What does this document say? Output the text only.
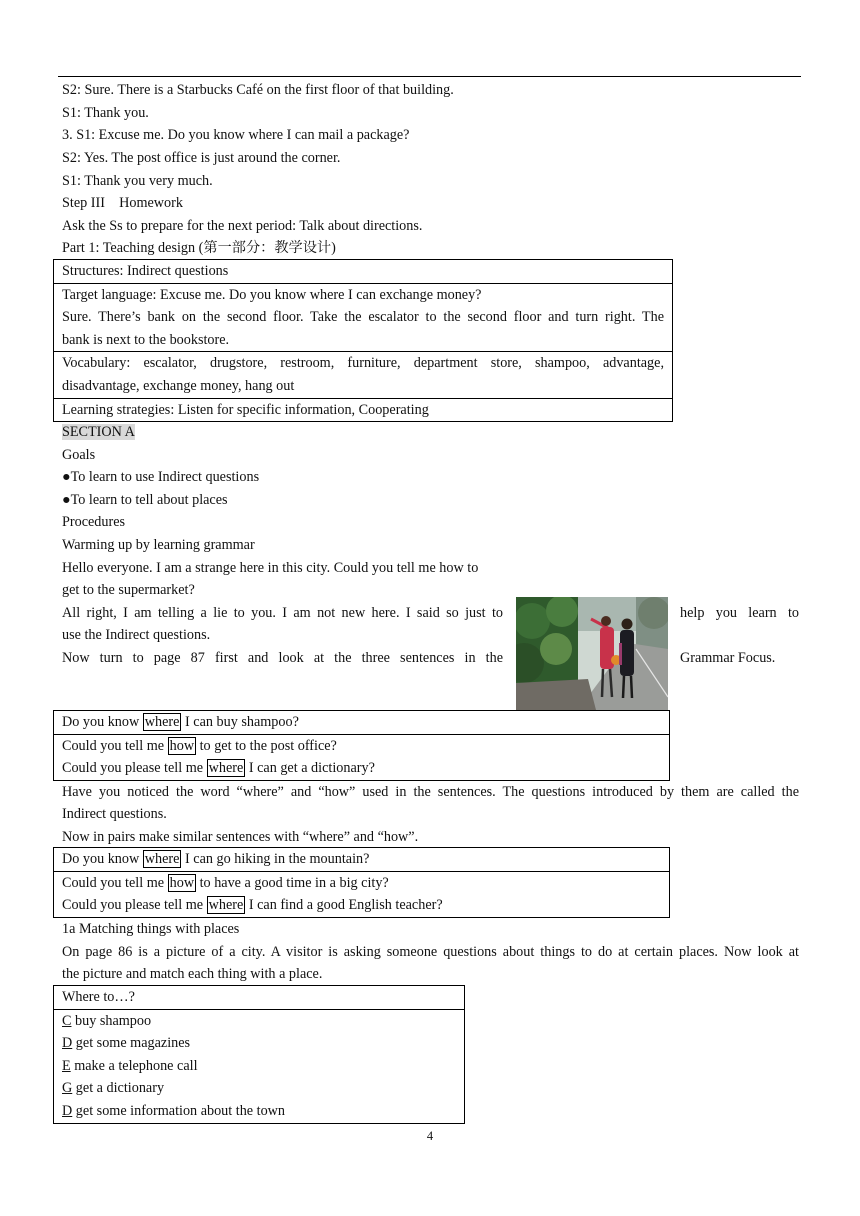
S2: Sure. There is a Starbucks Café on the first floor of that building.
S1: Thank you.
3. S1: Excuse me. Do you know where I can mail a package?
S2: Yes. The post office is just around the corner.
S1: Thank you very much.
Step III    Homework
Ask the Ss to prepare for the next period: Talk about directions.
Part 1: Teaching design (第一部分：教学设计)
Structures: Indirect questions
Target language: Excuse me. Do you know where I can exchange money?
Sure. There’s bank on the second floor. Take the escalator to the second floor and turn right. The
bank is next to the bookstore.
Vocabulary: escalator, drugstore, restroom, furniture, department store, shampoo, advantage,
disadvantage, exchange money, hang out
Learning strategies: Listen for specific information, Cooperating
SECTION A
Goals
●To learn to use Indirect questions
●To learn to tell about places
Procedures
Warming up by learning grammar
Hello everyone. I am a strange here in this city. Could you tell me how to
get to the supermarket?
All right, I am telling a lie to you. I am not new here. I said so just to	help you learn to
use the Indirect questions.
Now turn to page 87 first and look at the three sentences in the	Grammar Focus.
Do you know where I can buy shampoo?
Could you tell me how to get to the post office?
Could you please tell me where I can get a dictionary?
Have you noticed the word “where” and “how” used in the sentences. The questions introduced by them are called the
Indirect questions.
Now in pairs make similar sentences with “where” and “how”.
Do you know where I can go hiking in the mountain?
Could you tell me how to have a good time in a big city?
Could you please tell me where I can find a good English teacher?
1a Matching things with places
On page 86 is a picture of a city. A visitor is asking someone questions about things to do at certain places. Now look at
the picture and match each thing with a place.
Where to…?
C buy shampoo
D get some magazines
E make a telephone call
G get a dictionary
D get some information about the town
4
